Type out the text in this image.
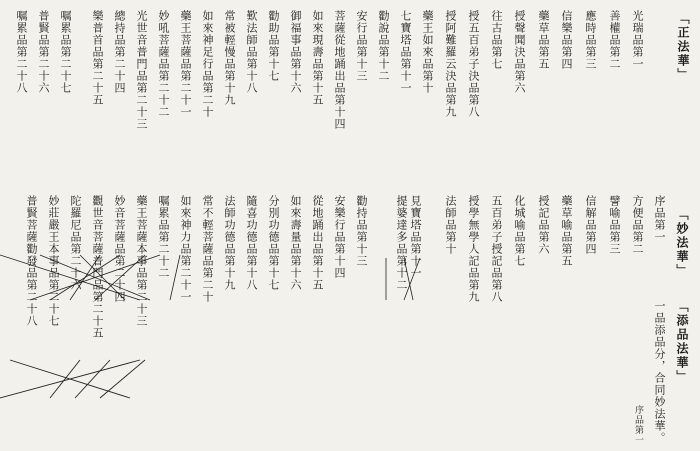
「正法華」
「妙法華」
「添品法華」
一品添品分，合同妙法華。
光瑞品第一
善權品第二
應時品第三
信樂品第四
藥草品第五
授聲聞決品第六
往古品第七
授五百弟子決品第八
授阿難羅云決品第九
藥王如來品第十
七寶塔品第十一
勸說品第十二
安行品第十三
菩薩從地踊出品第十四
如來現壽品第十五
御福事品第十六
勸助品第十七
歎法師品第十八
常被輕慢品第十九
如來神足行品第二十
藥王菩薩品第二十一
妙吼菩薩品第二十二
光世音普門品第二十三
總持品第二十四
樂普首品第二十五
嘱累品第二十七
普賢品第二十六
嘱累品第二十八
序品第一
方便品第二
譬喻品第三
信解品第四
藥草喻品第五
授記品第六
化城喻品第七
五百弟子授記品第八
授學無學人記品第九
法師品第十
見寶塔品第十一
提婆達多品第十二
勸持品第十三
安樂行品第十四
從地踊出品第十五
如來壽量品第十六
分別功德品第十七
隨喜功德品第十八
法師功德品第十九
常不輕菩薩品第二十
如來神力品第二十一
嘱累品第二十二
藥王菩薩本事品第二十三
妙音菩薩品第二十四
觀世音菩薩普門品第二十五
陀羅尼品第二十六
妙莊嚴王本事品第二十七
普賢菩薩勸發品第二十八
序品第一
